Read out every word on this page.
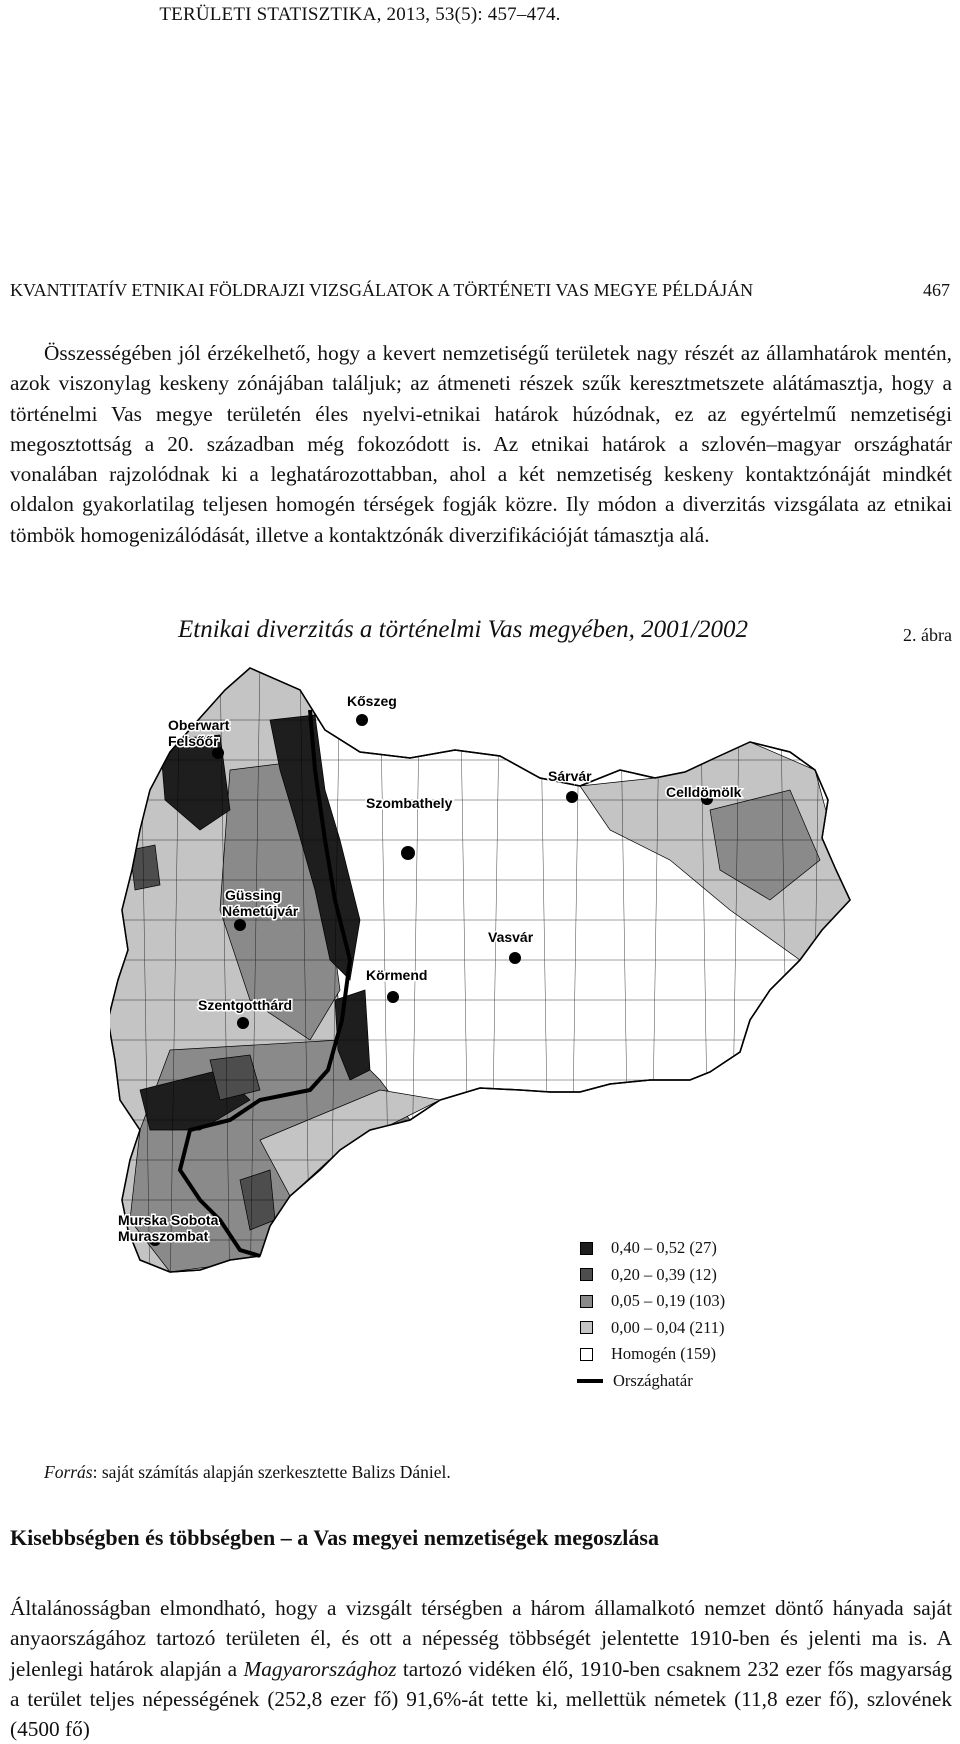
TERÜLETI STATISZTIKA, 2013, 53(5): 457–474.
KVANTITATÍV ETNIKAI FÖLDRAJZI VIZSGÁLATOK A TÖRTÉNETI VAS MEGYE PÉLDÁJÁN	467
Összességében jól érzékelhető, hogy a kevert nemzetiségű területek nagy részét az államhatárok mentén, azok viszonylag keskeny zónájában találjuk; az átmeneti részek szűk keresztmetszete alátámasztja, hogy a történelmi Vas megye területén éles nyelvi-etnikai határok húzódnak, ez az egyértelmű nemzetiségi megosztottság a 20. században még fokozódott is. Az etnikai határok a szlovén–magyar országhatár vonalában rajzolódnak ki a leghatározottabban, ahol a két nemzetiség keskeny kontaktzónáját mindkét oldalon gyakorlatilag teljesen homogén térségek fogják közre. Ily módon a diverzitás vizsgálata az etnikai tömbök homogenizálódását, illetve a kontaktzónák diverzifikációját támasztja alá.
Etnikai diverzitás a történelmi Vas megyében, 2001/2002	2. ábra
Kőszeg
Oberwart
Felsőőr
Szombathely
Sárvár
Celldömölk
Güssing
Németújvár
Vasvár
Körmend
Szentgotthárd
Murska Sobota
Muraszombat
0,40 – 0,52 (27)
0,20 – 0,39 (12)
0,05 – 0,19 (103)
0,00 – 0,04 (211)
Homogén (159)
Országhatár
Forrás: saját számítás alapján szerkesztette Balizs Dániel.
Kisebbségben és többségben – a Vas megyei nemzetiségek megoszlása
Általánosságban elmondható, hogy a vizsgált térségben a három államalkotó nemzet döntő hányada saját anyaországához tartozó területen él, és ott a népesség többségét jelentette 1910-ben és jelenti ma is. A jelenlegi határok alapján a Magyarországhoz tartozó vidéken élő, 1910-ben csaknem 232 ezer fős magyarság a terület teljes népességének (252,8 ezer fő) 91,6%-át tette ki, mellettük németek (11,8 ezer fő), szlovének (4500 fő)
